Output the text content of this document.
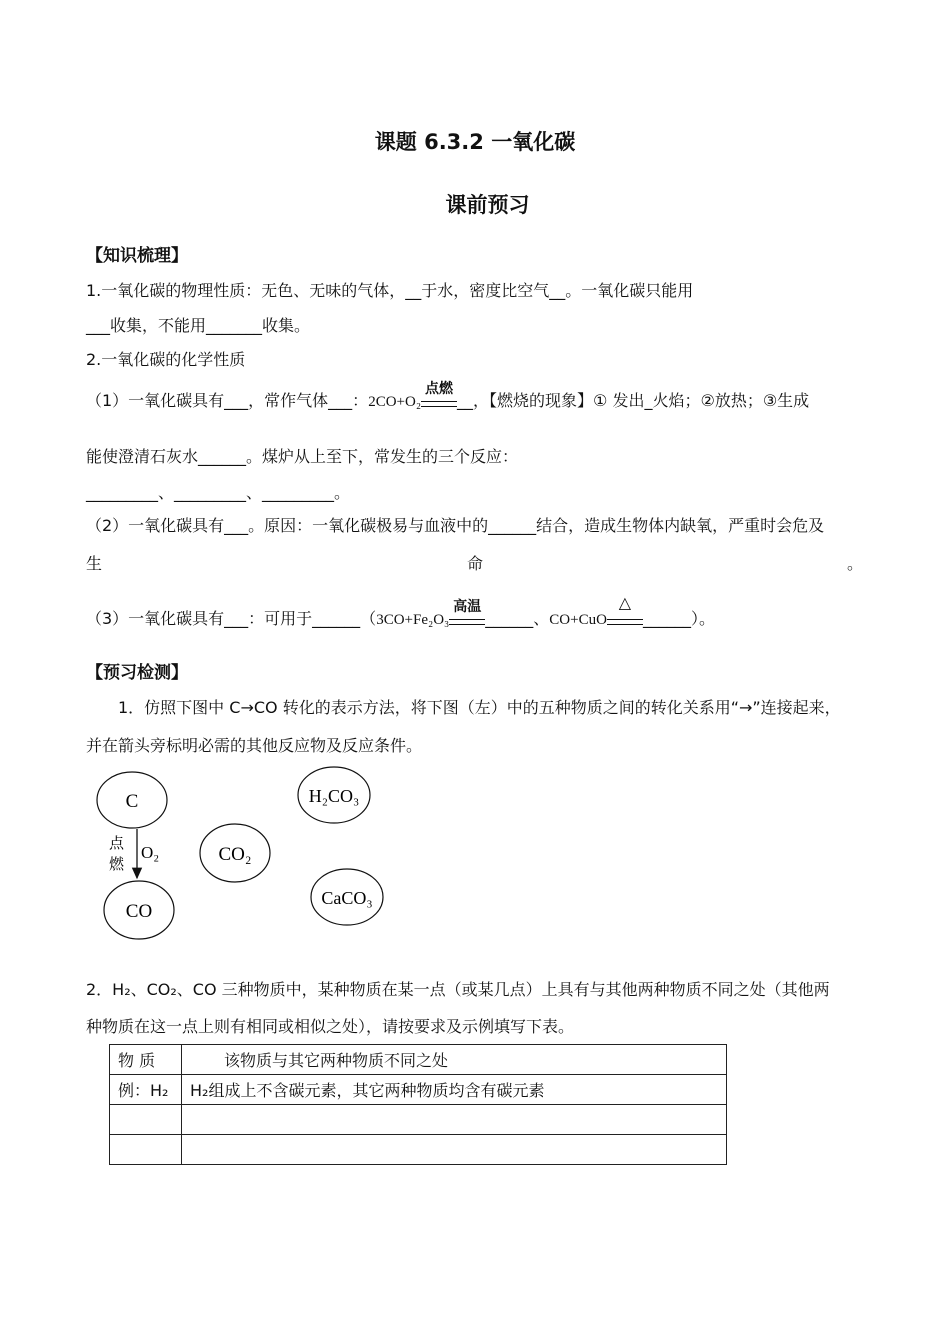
课题 6.3.2 一氧化碳
课前预习
【知识梳理】
1.一氧化碳的物理性质：无色、无味的气体，__于水，密度比空气__。一氧化碳只能用
___收集，不能用_______收集。
2.一氧化碳的化学性质
（1）一氧化碳具有___，常作气体___：2CO+O₂
点燃
__，【燃烧的现象】① 发出_火焰；②放热；③生成
能使澄清石灰水______。煤炉从上至下，常发生的三个反应：
_________、_________、_________。
（2）一氧化碳具有___。原因：一氧化碳极易与血液中的______结合，造成生物体内缺氧，严重时会危及
生	命	。
（3）一氧化碳具有___：可用于______（3CO+Fe₂O₃
高温
______、CO+CuO
△
______）。
【预习检测】
1．仿照下图中 C→CO 转化的表示方法，将下图（左）中的五种物质之间的转化关系用“→”连接起来，
并在箭头旁标明必需的其他反应物及反应条件。
C
CO
CO₂
H₂CO₃
CaCO₃
O₂
点
燃
2．H₂、CO₂、CO 三种物质中，某种物质在某一点（或某几点）上具有与其他两种物质不同之处（其他两
种物质在这一点上则有相同或相似之处），请按要求及示例填写下表。
物 质	该物质与其它两种物质不同之处
例：H₂	H₂组成上不含碳元素，其它两种物质均含有碳元素
